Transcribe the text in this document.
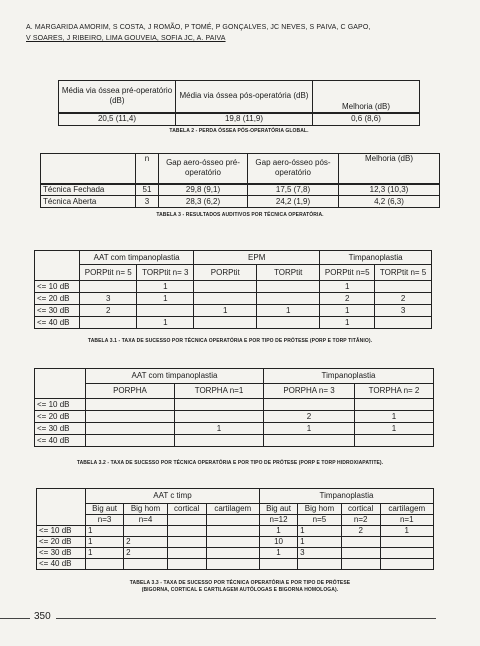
A. MARGARIDA AMORIM, S COSTA, J ROMÃO, P TOMÉ, P GONÇALVES, JC NEVES, S PAIVA, C GAPO,
V SOARES, J RIBEIRO, LIMA GOUVEIA, SOFIA JC, A. PAIVA
Média via óssea pré-operatório (dB)	Média via óssea pós-operatória (dB)	Melhoria (dB)
20,5 (11,4)	19,8 (11,9)	0,6 (8,6)
TABELA 2 - PERDA ÓSSEA PÓS-OPERATÓRIA GLOBAL.
	n	Gap aero-ósseo pré-operatório	Gap aero-ósseo pós-operatório	Melhoria (dB)
Técnica Fechada	51	29,8 (9,1)	17,5 (7,8)	12,3 (10,3)
Técnica Aberta	3	28,3 (6,2)	24,2 (1,9)	4,2 (6,3)
TABELA 3 - RESULTADOS AUDITIVOS POR TÉCNICA OPERATÓRIA.
	AAT com timpanoplastia		EPM		Timpanoplastia	
	PORPtit n= 5	TORPtit n= 3	PORPtit	TORPtit	PORPtit n=5	TORPtit n= 5
<= 10 dB		1			1	
<= 20 dB	3	1			2	2
<= 30 dB	2		1	1	1	3
<= 40 dB		1			1	
TABELA 3.1 - TAXA DE SUCESSO POR TÉCNICA OPERATÓRIA E POR TIPO DE PRÓTESE (PORP E TORP TITÂNIO).
	AAT com timpanoplastia		Timpanoplastia	
	PORPHA	TORPHA n=1	PORPHA n= 3	TORPHA n= 2
<= 10 dB				
<= 20 dB			2	1
<= 30 dB		1	1	1
<= 40 dB				
TABELA 3.2 - TAXA DE SUCESSO POR TÉCNICA OPERATÓRIA E POR TIPO DE PRÓTESE (PORP E TORP HIDROXIAPATITE).
	AAT c timp				Timpanoplastia			
	Big aut	Big hom	cortical	cartilagem	Big aut	Big hom	cortical	cartilagem
	n=3	n=4			n=12	n=5	n=2	n=1
<= 10 dB	1				1	1	2	1
<= 20 dB	1	2			10	1		
<= 30 dB	1	2			1	3		
<= 40 dB								
TABELA 3.3 - TAXA DE SUCESSO POR TÉCNICA OPERATÓRIA E POR TIPO DE PRÓTESE
(BIGORNA, CORTICAL E CARTILAGEM AUTÓLOGAS E BIGORNA HOMOLOGA).
350
